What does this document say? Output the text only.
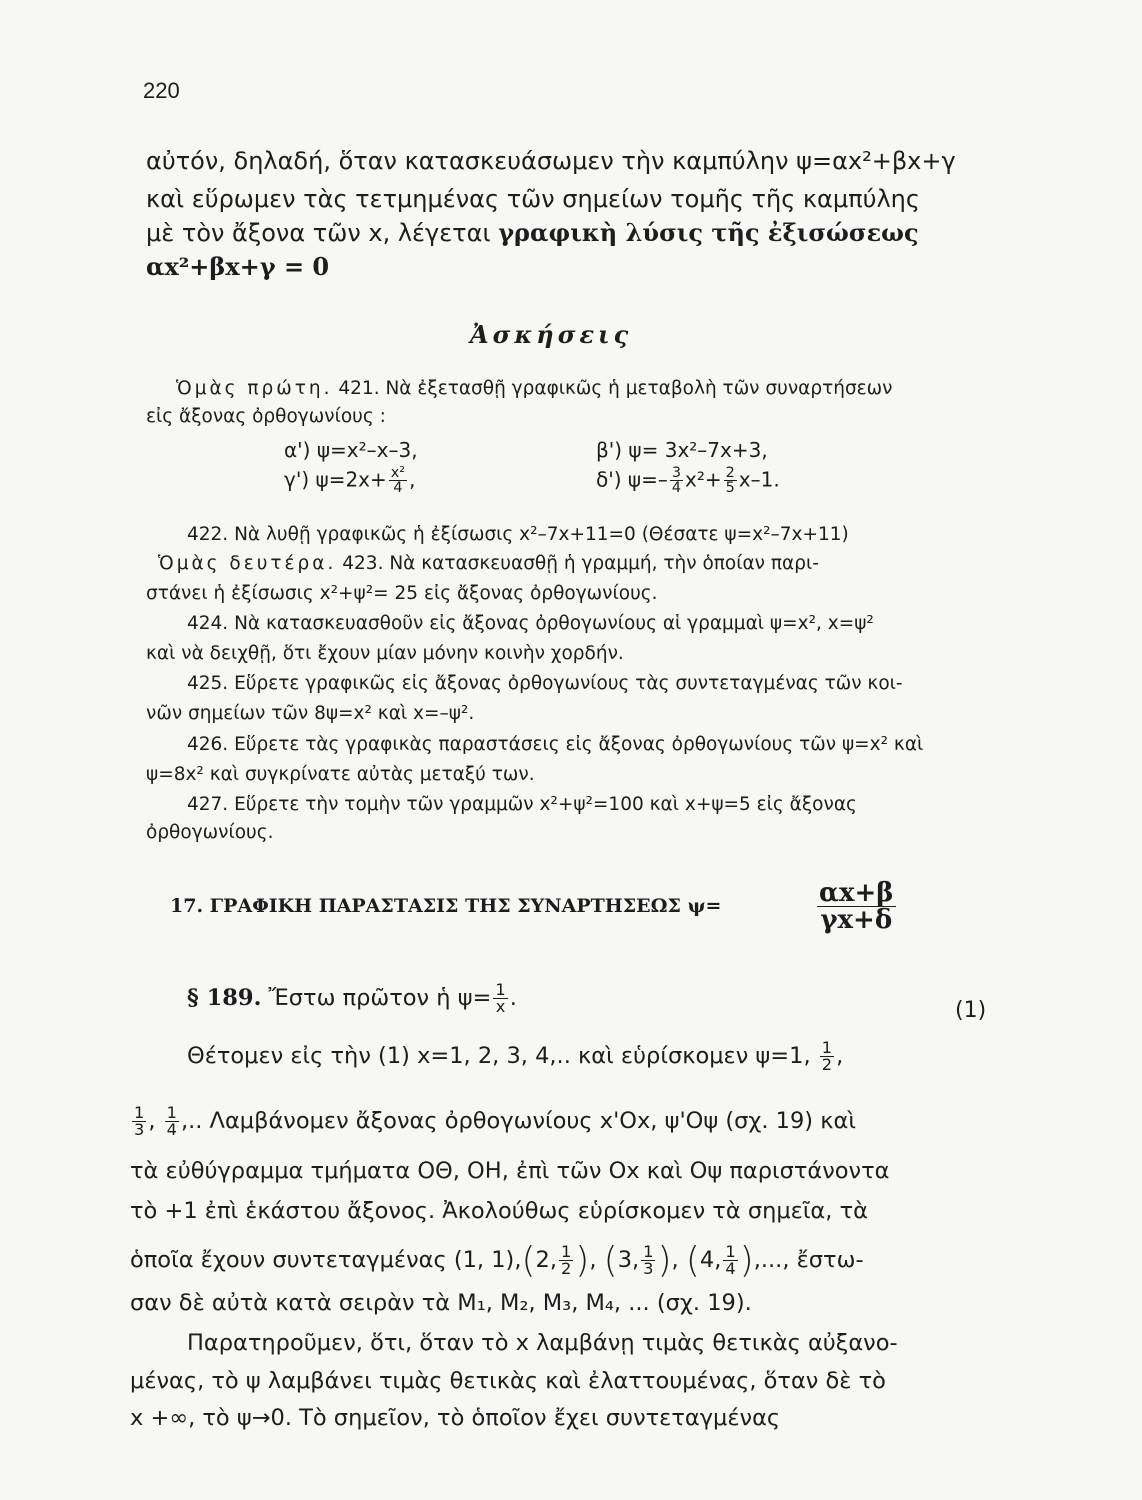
220
αὐτόν, δηλαδή, ὅταν κατασκευάσωμεν τὴν καμπύλην ψ=αx²+βx+γ
καὶ εὕρωμεν τὰς τετμημένας τῶν σημείων τομῆς τῆς καμπύλης
μὲ τὸν ἄξονα τῶν x, λέγεται γραφικὴ λύσις τῆς ἐξισώσεως
αx²+βx+γ = 0
Ἀσκήσεις
Ὁμὰς πρώτη. 421. Νὰ ἐξετασθῇ γραφικῶς ἡ μεταβολὴ τῶν συναρτήσεων
εἰς ἄξονας ὀρθογωνίους :
α') ψ=x²–x–3,	β') ψ= 3x²–7x+3,
γ') $\psi=2x+ \frac{\text{x²}}{4}$ ,	δ') $\psi=- \frac{3}{4} x^2+ \frac{2}{5} x-1$.
422. Νὰ λυθῇ γραφικῶς ἡ ἐξίσωσις x²–7x+11=0 (Θέσατε ψ=x²–7x+11)
Ὁμὰς δευτέρα. 423. Νὰ κατασκευασθῇ ἡ γραμμή, τὴν ὁποίαν παρι-
στάνει ἡ ἐξίσωσις x²+ψ²= 25 εἰς ἄξονας ὀρθογωνίους.
424. Νὰ κατασκευασθοῦν εἰς ἄξονας ὀρθογωνίους αἱ γραμμαὶ ψ=x², x=ψ²
καὶ νὰ δειχθῇ, ὅτι ἔχουν μίαν μόνην κοινὴν χορδήν.
425. Εὕρετε γραφικῶς εἰς ἄξονας ὀρθογωνίους τὰς συντεταγμένας τῶν κοι-
νῶν σημείων τῶν 8ψ=x² καὶ x=–ψ².
426. Εὕρετε τὰς γραφικὰς παραστάσεις εἰς ἄξονας ὀρθογωνίους τῶν ψ=x² καὶ
ψ=8x² καὶ συγκρίνατε αὐτὰς μεταξύ των.
427. Εὕρετε τὴν τομὴν τῶν γραμμῶν x²+ψ²=100 καὶ x+ψ=5 εἰς ἄξονας
ὀρθογωνίους.
17. ΓΡΑΦΙΚΗ ΠΑΡΑΣΤΑΣΙΣ ΤΗΣ ΣΥΝΑΡΤΗΣΕΩΣ ψ=	$\frac{\alpha x+\beta}{\gamma x+\delta}$
§ 189. Ἔστω πρῶτον ἡ $\psi= \frac{1}{x}$ .	(1)
Θέτομεν εἰς τὴν (1) x=1, 2, 3, 4,.. καὶ εὑρίσκομεν ψ=1, $\frac{1}{2}$ ,
$\frac{1}{3}$ , $\frac{1}{4}$ ,.. Λαμβάνομεν ἄξονας ὀρθογωνίους x'Ox, ψ'Oψ (σχ. 19) καὶ
τὰ εὐθύγραμμα τμήματα ΟΘ, ΟΗ, ἐπὶ τῶν Ox καὶ Oψ παριστάνοντα
τὸ +1 ἐπὶ ἑκάστου ἄξονος. Ἀκολούθως εὑρίσκομεν τὰ σημεῖα, τὰ
ὁποῖα ἔχουν συντεταγμένας (1, 1),(2, $\frac{1}{2}$ ), (3, $\frac{1}{3}$ ), (4, $\frac{1}{4}$ ),..., ἔστω-
σαν δὲ αὐτὰ κατὰ σειρὰν τὰ M₁, M₂, M₃, M₄, ... (σχ. 19).
Παρατηροῦμεν, ὅτι, ὅταν τὸ x λαμβάνῃ τιμὰς θετικὰς αὐξανο-
μένας, τὸ ψ λαμβάνει τιμὰς θετικὰς καὶ ἐλαττουμένας, ὅταν δὲ τὸ
x +∞, τὸ ψ→0. Τὸ σημεῖον, τὸ ὁποῖον ἔχει συντεταγμένας
